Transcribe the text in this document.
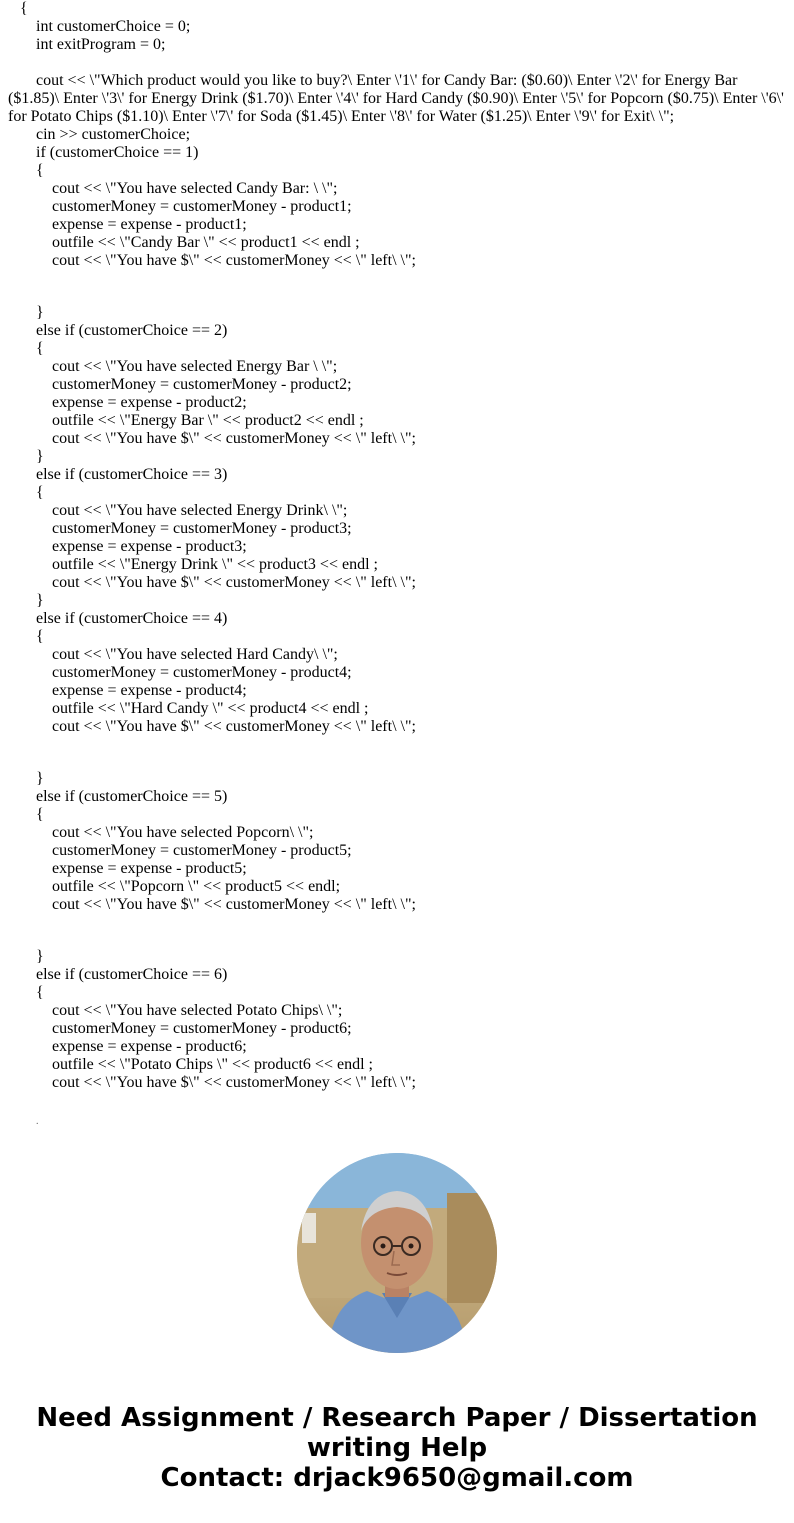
{
int customerChoice = 0;
int exitProgram = 0;
cout << \"Which product would you like to buy?\ Enter \'1\' for Candy Bar: ($0.60)\ Enter \'2\' for Energy Bar ($1.85)\ Enter \'3\' for Energy Drink ($1.70)\ Enter \'4\' for Hard Candy ($0.90)\ Enter \'5\' for Popcorn ($0.75)\ Enter \'6\' for Potato Chips ($1.10)\ Enter \'7\' for Soda ($1.45)\ Enter \'8\' for Water ($1.25)\ Enter \'9\' for Exit\ \";
cin >> customerChoice;
if (customerChoice == 1)
{
cout << \"You have selected Candy Bar: \ \";
customerMoney = customerMoney - product1;
expense = expense - product1;
outfile << \"Candy Bar \" << product1 << endl ;
cout << \"You have $\" << customerMoney << \" left\ \";
}
else if (customerChoice == 2)
{
cout << \"You have selected Energy Bar \ \";
customerMoney = customerMoney - product2;
expense = expense - product2;
outfile << \"Energy Bar \" << product2 << endl ;
cout << \"You have $\" << customerMoney << \" left\ \";
}
else if (customerChoice == 3)
{
cout << \"You have selected Energy Drink\ \";
customerMoney = customerMoney - product3;
expense = expense - product3;
outfile << \"Energy Drink \" << product3 << endl ;
cout << \"You have $\" << customerMoney << \" left\ \";
}
else if (customerChoice == 4)
{
cout << \"You have selected Hard Candy\ \";
customerMoney = customerMoney - product4;
expense = expense - product4;
outfile << \"Hard Candy \" << product4 << endl ;
cout << \"You have $\" << customerMoney << \" left\ \";
}
else if (customerChoice == 5)
{
cout << \"You have selected Popcorn\ \";
customerMoney = customerMoney - product5;
expense = expense - product5;
outfile << \"Popcorn \" << product5 << endl;
cout << \"You have $\" << customerMoney << \" left\ \";
}
else if (customerChoice == 6)
{
cout << \"You have selected Potato Chips\ \";
customerMoney = customerMoney - product6;
expense = expense - product6;
outfile << \"Potato Chips \" << product6 << endl ;
cout << \"You have $\" << customerMoney << \" left\ \";
.
Need Assignment / Research Paper / Dissertation
writing Help
Contact: drjack9650@gmail.com
